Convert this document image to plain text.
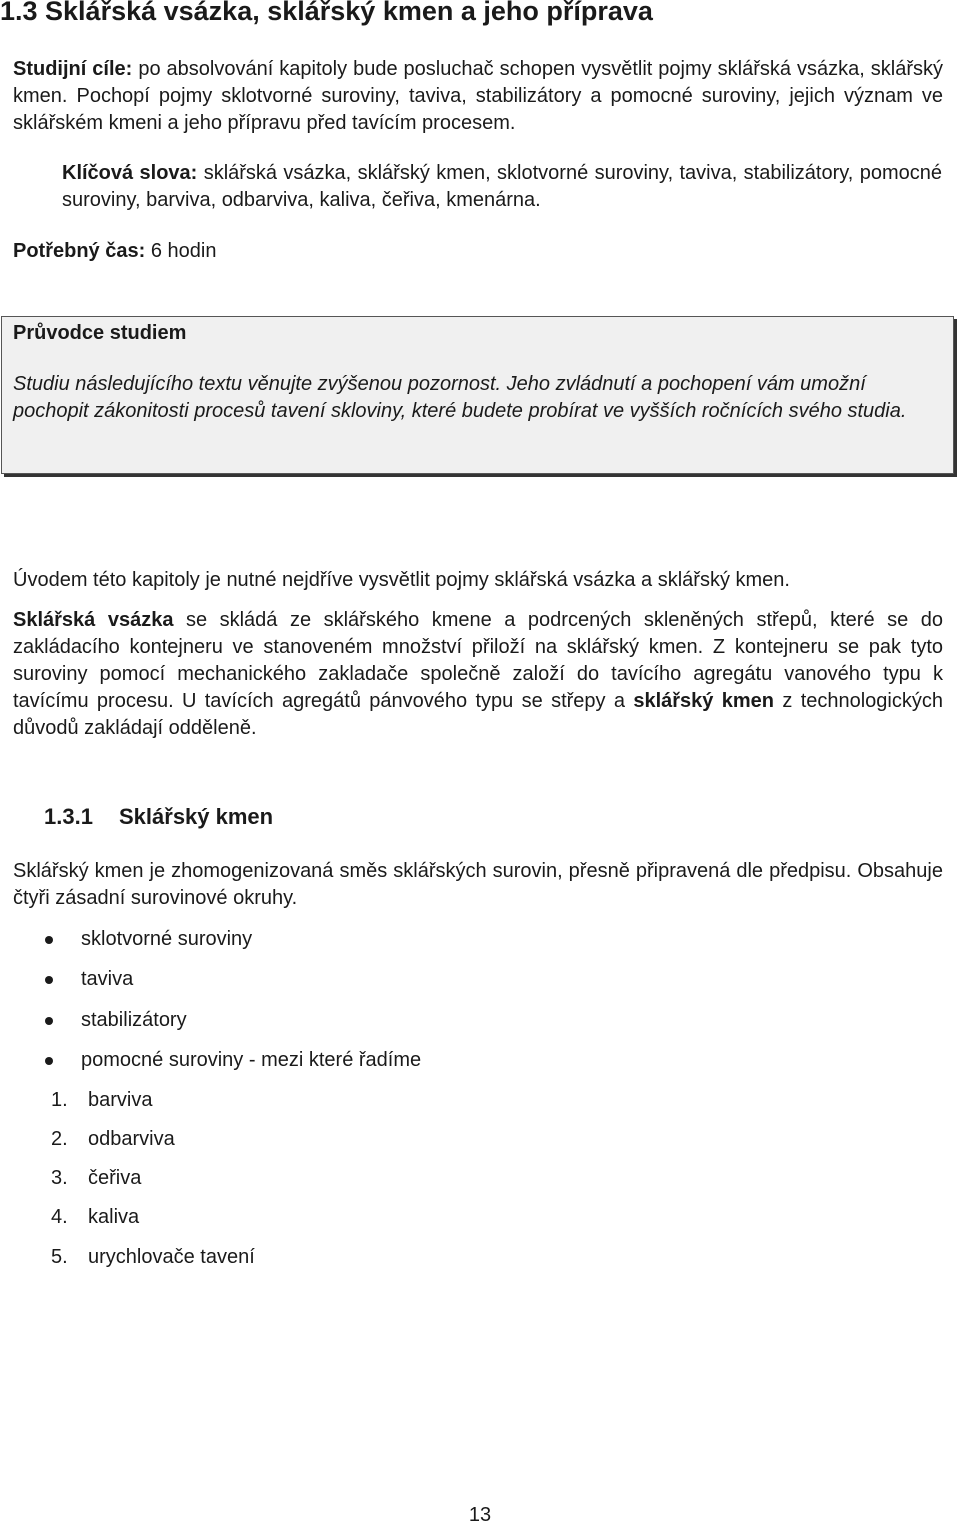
1.3 Sklářská vsázka, sklářský kmen a jeho příprava
Studijní cíle: po absolvování kapitoly bude posluchač schopen vysvětlit pojmy sklářská vsázka, sklářský kmen. Pochopí pojmy sklotvorné suroviny, taviva, stabilizátory a pomocné suroviny, jejich význam ve sklářském kmeni a jeho přípravu před tavícím procesem.
Klíčová slova: sklářská vsázka, sklářský kmen, sklotvorné suroviny, taviva, stabilizátory, pomocné suroviny, barviva, odbarviva, kaliva, čeřiva, kmenárna.
Potřebný čas: 6 hodin
Průvodce studiem
Studiu následujícího textu věnujte zvýšenou pozornost. Jeho zvládnutí a pochopení vám umožní pochopit zákonitosti procesů tavení skloviny, které budete probírat ve vyšších ročnících svého studia.
Úvodem této kapitoly je nutné nejdříve vysvětlit pojmy sklářská vsázka a sklářský kmen.
Sklářská vsázka se skládá ze sklářského kmene a podrcených skleněných střepů, které se do zakládacího kontejneru ve stanoveném množství přiloží na sklářský kmen. Z kontejneru se pak tyto suroviny pomocí mechanického zakladače společně založí do tavícího agregátu vanového typu k tavícímu procesu. U tavících agregátů pánvového typu se střepy a sklářský kmen z technologických důvodů zakládají odděleně.
1.3.1 Sklářský kmen
Sklářský kmen je zhomogenizovaná směs sklářských surovin, přesně připravená dle předpisu. Obsahuje čtyři zásadní surovinové okruhy.
sklotvorné suroviny
taviva
stabilizátory
pomocné suroviny - mezi které řadíme
1. barviva
2. odbarviva
3. čeřiva
4. kaliva
5. urychlovače tavení
13
